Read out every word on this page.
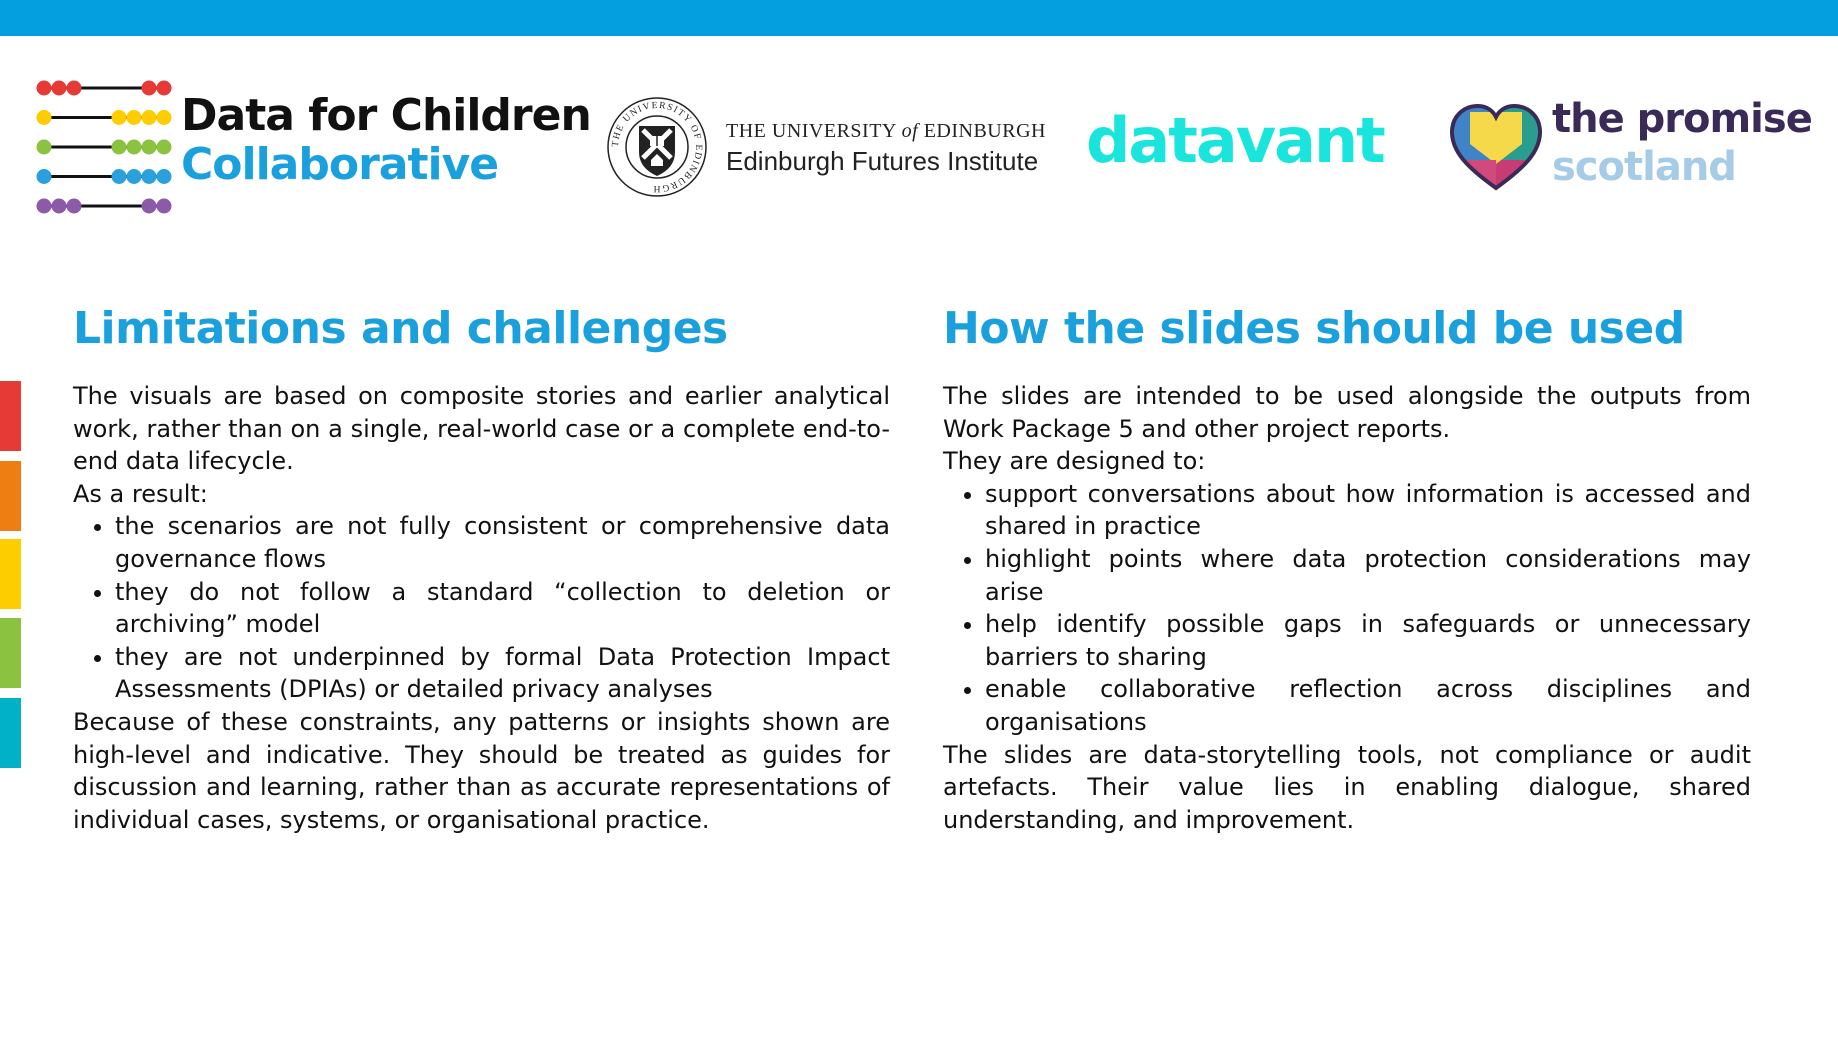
Data for Children
Collaborative	THE UNIVERSITY OF EDINBURGH
THE UNIVERSITY of EDINBURGH
Edinburgh Futures Institute datavant	the promise
scotland
Limitations and challenges

The visuals are based on composite stories and earlier analytical work, rather than on a single, real-world case or a complete end-to-end data lifecycle.

As a result:

• the scenarios are not fully consistent or comprehensive data governance flows
• they do not follow a standard “collection to deletion or archiving” model
• they are not underpinned by formal Data Protection Impact Assessments (DPIAs) or detailed privacy analyses

Because of these constraints, any patterns or insights shown are high-level and indicative. They should be treated as guides for discussion and learning, rather than as accurate representations of individual cases, systems, or organisational practice.

How the slides should be used

The slides are intended to be used alongside the outputs from Work Package 5 and other project reports.

They are designed to:

• support conversations about how information is accessed and shared in practice
• highlight points where data protection considerations may arise
• help identify possible gaps in safeguards or unnecessary barriers to sharing
• enable collaborative reflection across disciplines and organisations

The slides are data-storytelling tools, not compliance or audit artefacts. Their value lies in enabling dialogue, shared understanding, and improvement.
